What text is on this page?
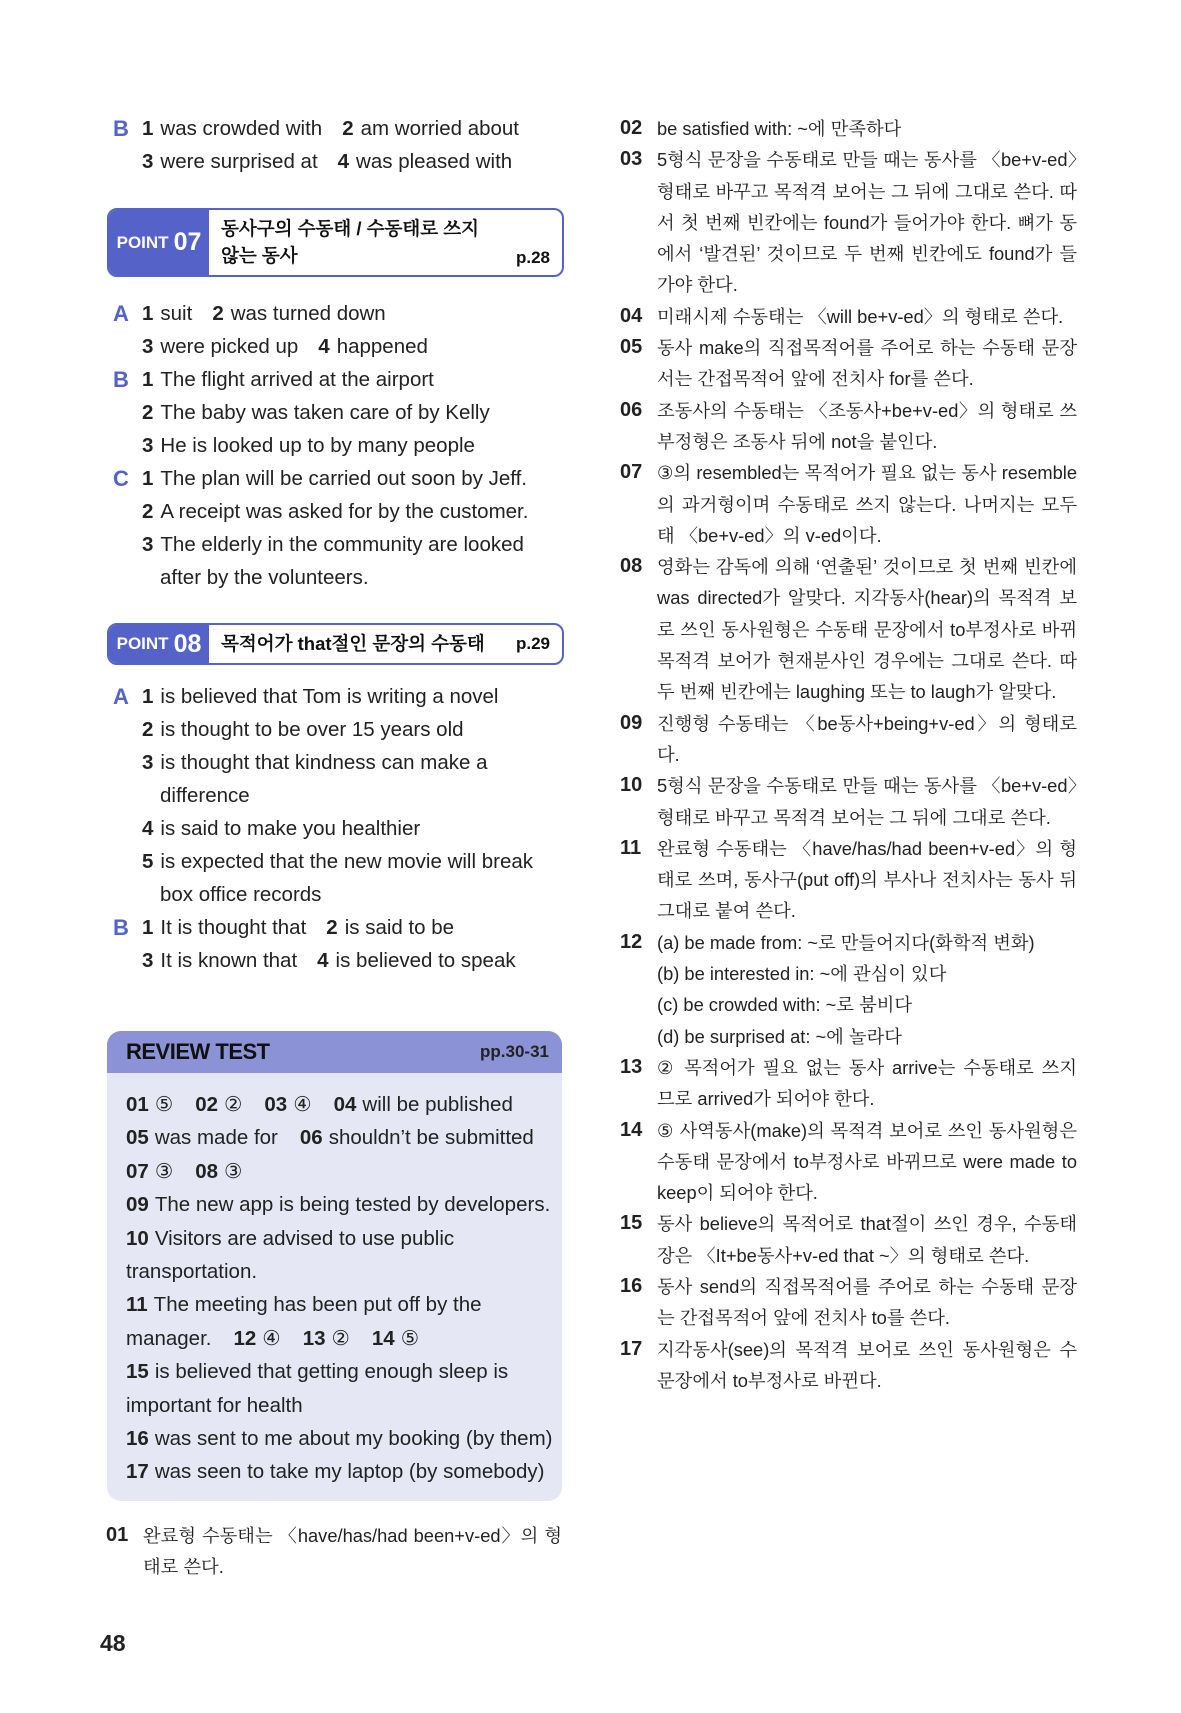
B 1 was crowded with 2 am worried about
3 were surprised at 4 was pleased with
POINT 07 동사구의 수동태 / 수동태로 쓰지
않는 동사	p.28
A 1 suit 2 was turned down
3 were picked up 4 happened
B 1 The flight arrived at the airport
2 The baby was taken care of by Kelly
3 He is looked up to by many people
C 1 The plan will be carried out soon by Jeff.
2 A receipt was asked for by the customer.
3 The elderly in the community are looked
after by the volunteers.
POINT 08	목적어가 that절인 문장의 수동태 p.29
A 1 is believed that Tom is writing a novel
2 is thought to be over 15 years old
3 is thought that kindness can make a
difference
4 is said to make you healthier
5 is expected that the new movie will break
box office records
B 1 It is thought that 2 is said to be
3 It is known that 4 is believed to speak
REVIEW TEST	pp.30-31
01 ⑤ 02 ② 03 ④ 04 will be published
05 was made for 06 shouldn’t be submitted
07 ③ 08 ③
09 The new app is being tested by developers.
10 Visitors are advised to use public
transportation.
11 The meeting has been put off by the
manager. 12 ④ 13 ② 14 ⑤
15 is believed that getting enough sleep is
important for health
16 was sent to me about my booking (by them)
17 was seen to take my laptop (by somebody)
01 완료형 수동태는 〈have/has/had been+v-ed〉의 형
태로 쓴다.
02 be satisfied with: ~에 만족하다
03 5형식 문장을 수동태로 만들 때는 동사를 〈be+v-ed〉
형태로 바꾸고 목적격 보어는 그 뒤에 그대로 쓴다. 따
서 첫 번째 빈칸에는 found가 들어가야 한다. 뼈가 동
에서 ‘발견된’ 것이므로 두 번째 빈칸에도 found가 들
가야 한다.
04 미래시제 수동태는 〈will be+v-ed〉의 형태로 쓴다.
05 동사 make의 직접목적어를 주어로 하는 수동태 문장
서는 간접목적어 앞에 전치사 for를 쓴다.
06 조동사의 수동태는 〈조동사+be+v-ed〉의 형태로 쓰
부정형은 조동사 뒤에 not을 붙인다.
07 ③의 resembled는 목적어가 필요 없는 동사 resemble
의 과거형이며 수동태로 쓰지 않는다. 나머지는 모두
태 〈be+v-ed〉의 v-ed이다.
08 영화는 감독에 의해 ‘연출된’ 것이므로 첫 번째 빈칸에
was directed가 알맞다. 지각동사(hear)의 목적격 보
로 쓰인 동사원형은 수동태 문장에서 to부정사로 바뀌
목적격 보어가 현재분사인 경우에는 그대로 쓴다. 따
두 번째 빈칸에는 laughing 또는 to laugh가 알맞다.
09 진행형 수동태는 〈be동사+being+v-ed〉의 형태로
다.
10 5형식 문장을 수동태로 만들 때는 동사를 〈be+v-ed〉
형태로 바꾸고 목적격 보어는 그 뒤에 그대로 쓴다.
11 완료형 수동태는 〈have/has/had been+v-ed〉의 형
태로 쓰며, 동사구(put off)의 부사나 전치사는 동사 뒤
그대로 붙여 쓴다.
12 (a) be made from: ~로 만들어지다(화학적 변화)
(b) be interested in: ~에 관심이 있다
(c) be crowded with: ~로 붐비다
(d) be surprised at: ~에 놀라다
13 ② 목적어가 필요 없는 동사 arrive는 수동태로 쓰지
므로 arrived가 되어야 한다.
14 ⑤ 사역동사(make)의 목적격 보어로 쓰인 동사원형은
수동태 문장에서 to부정사로 바뀌므로 were made to
keep이 되어야 한다.
15 동사 believe의 목적어로 that절이 쓰인 경우, 수동태
장은 〈It+be동사+v-ed that ~〉의 형태로 쓴다.
16 동사 send의 직접목적어를 주어로 하는 수동태 문장
는 간접목적어 앞에 전치사 to를 쓴다.
17 지각동사(see)의 목적격 보어로 쓰인 동사원형은 수
문장에서 to부정사로 바뀐다.
48
